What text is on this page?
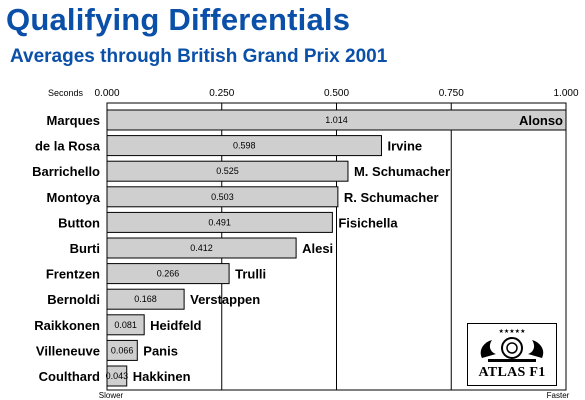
Qualifying Differentials
Averages through British Grand Prix 2001
0.000	0.250	0.500	0.750	1.000
Seconds
Slower	Faster
1.014
Marques	Alonso
0.598
de la Rosa	Irvine
0.525
Barrichello	M. Schumacher
0.503
Montoya	R. Schumacher
0.491
Button	Fisichella
0.412
Burti	Alesi
0.266
Frentzen	Trulli
0.168
Bernoldi	Verstappen
0.081
Raikkonen	Heidfeld
0.066
Villeneuve	Panis
0.043
Coulthard	Hakkinen
★★★★★
ATLAS F1
